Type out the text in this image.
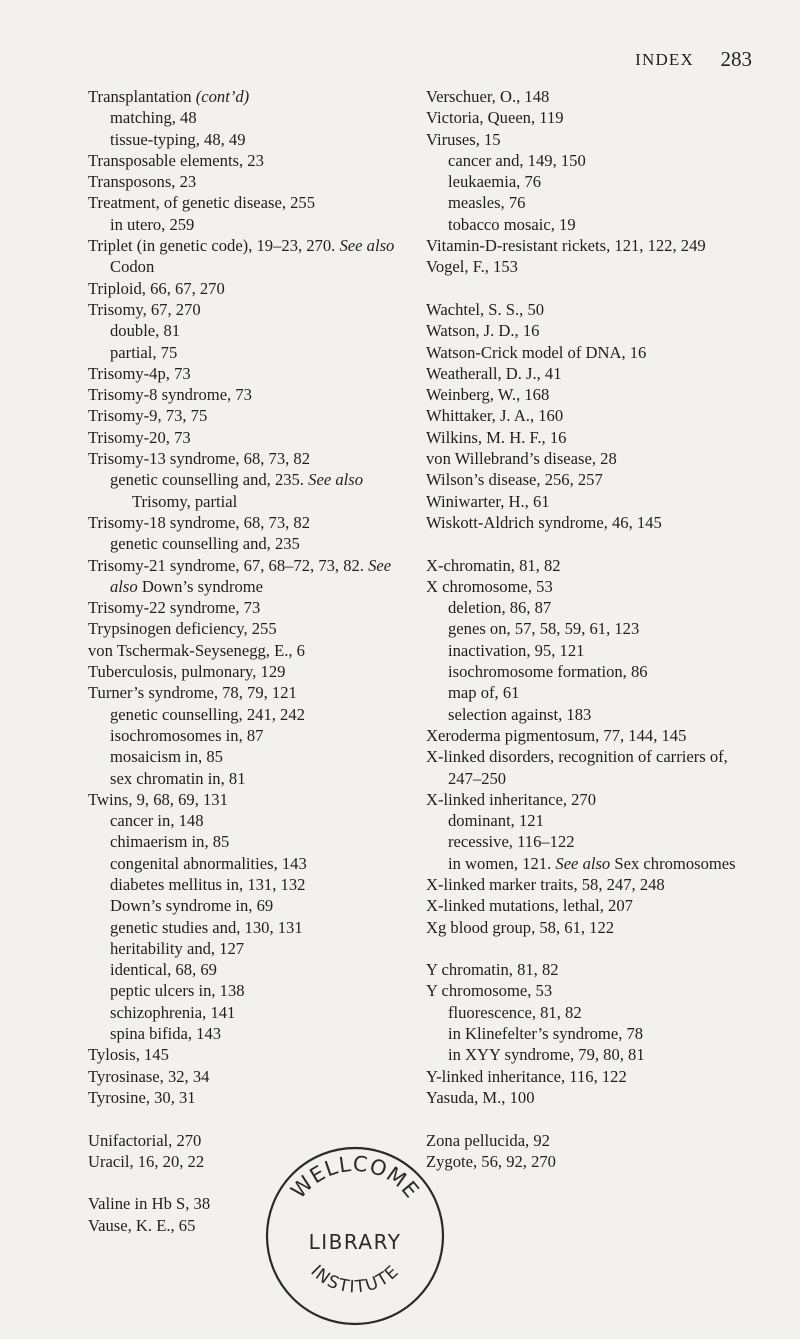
INDEX 283
Transplantation (cont’d)
matching, 48
tissue-typing, 48, 49
Transposable elements, 23
Transposons, 23
Treatment, of genetic disease, 255
in utero, 259
Triplet (in genetic code), 19–23, 270. See also Codon
Triploid, 66, 67, 270
Trisomy, 67, 270
double, 81
partial, 75
Trisomy-4p, 73
Trisomy-8 syndrome, 73
Trisomy-9, 73, 75
Trisomy-20, 73
Trisomy-13 syndrome, 68, 73, 82
genetic counselling and, 235. See also Trisomy, partial
Trisomy-18 syndrome, 68, 73, 82
genetic counselling and, 235
Trisomy-21 syndrome, 67, 68–72, 73, 82. See also Down’s syndrome
Trisomy-22 syndrome, 73
Trypsinogen deficiency, 255
von Tschermak-Seysenegg, E., 6
Tuberculosis, pulmonary, 129
Turner’s syndrome, 78, 79, 121
genetic counselling, 241, 242
isochromosomes in, 87
mosaicism in, 85
sex chromatin in, 81
Twins, 9, 68, 69, 131
cancer in, 148
chimaerism in, 85
congenital abnormalities, 143
diabetes mellitus in, 131, 132
Down’s syndrome in, 69
genetic studies and, 130, 131
heritability and, 127
identical, 68, 69
peptic ulcers in, 138
schizophrenia, 141
spina bifida, 143
Tylosis, 145
Tyrosinase, 32, 34
Tyrosine, 30, 31
Unifactorial, 270
Uracil, 16, 20, 22
Valine in Hb S, 38
Vause, K. E., 65
Verschuer, O., 148
Victoria, Queen, 119
Viruses, 15
cancer and, 149, 150
leukaemia, 76
measles, 76
tobacco mosaic, 19
Vitamin-D-resistant rickets, 121, 122, 249
Vogel, F., 153
Wachtel, S. S., 50
Watson, J. D., 16
Watson-Crick model of DNA, 16
Weatherall, D. J., 41
Weinberg, W., 168
Whittaker, J. A., 160
Wilkins, M. H. F., 16
von Willebrand’s disease, 28
Wilson’s disease, 256, 257
Winiwarter, H., 61
Wiskott-Aldrich syndrome, 46, 145
X-chromatin, 81, 82
X chromosome, 53
deletion, 86, 87
genes on, 57, 58, 59, 61, 123
inactivation, 95, 121
isochromosome formation, 86
map of, 61
selection against, 183
Xeroderma pigmentosum, 77, 144, 145
X-linked disorders, recognition of carriers of, 247–250
X-linked inheritance, 270
dominant, 121
recessive, 116–122
in women, 121. See also Sex chromosomes
X-linked marker traits, 58, 247, 248
X-linked mutations, lethal, 207
Xg blood group, 58, 61, 122
Y chromatin, 81, 82
Y chromosome, 53
fluorescence, 81, 82
in Klinefelter’s syndrome, 78
in XYY syndrome, 79, 80, 81
Y-linked inheritance, 116, 122
Yasuda, M., 100
Zona pellucida, 92
Zygote, 56, 92, 270
WELLCOME
INSTITUTE
LIBRARY
